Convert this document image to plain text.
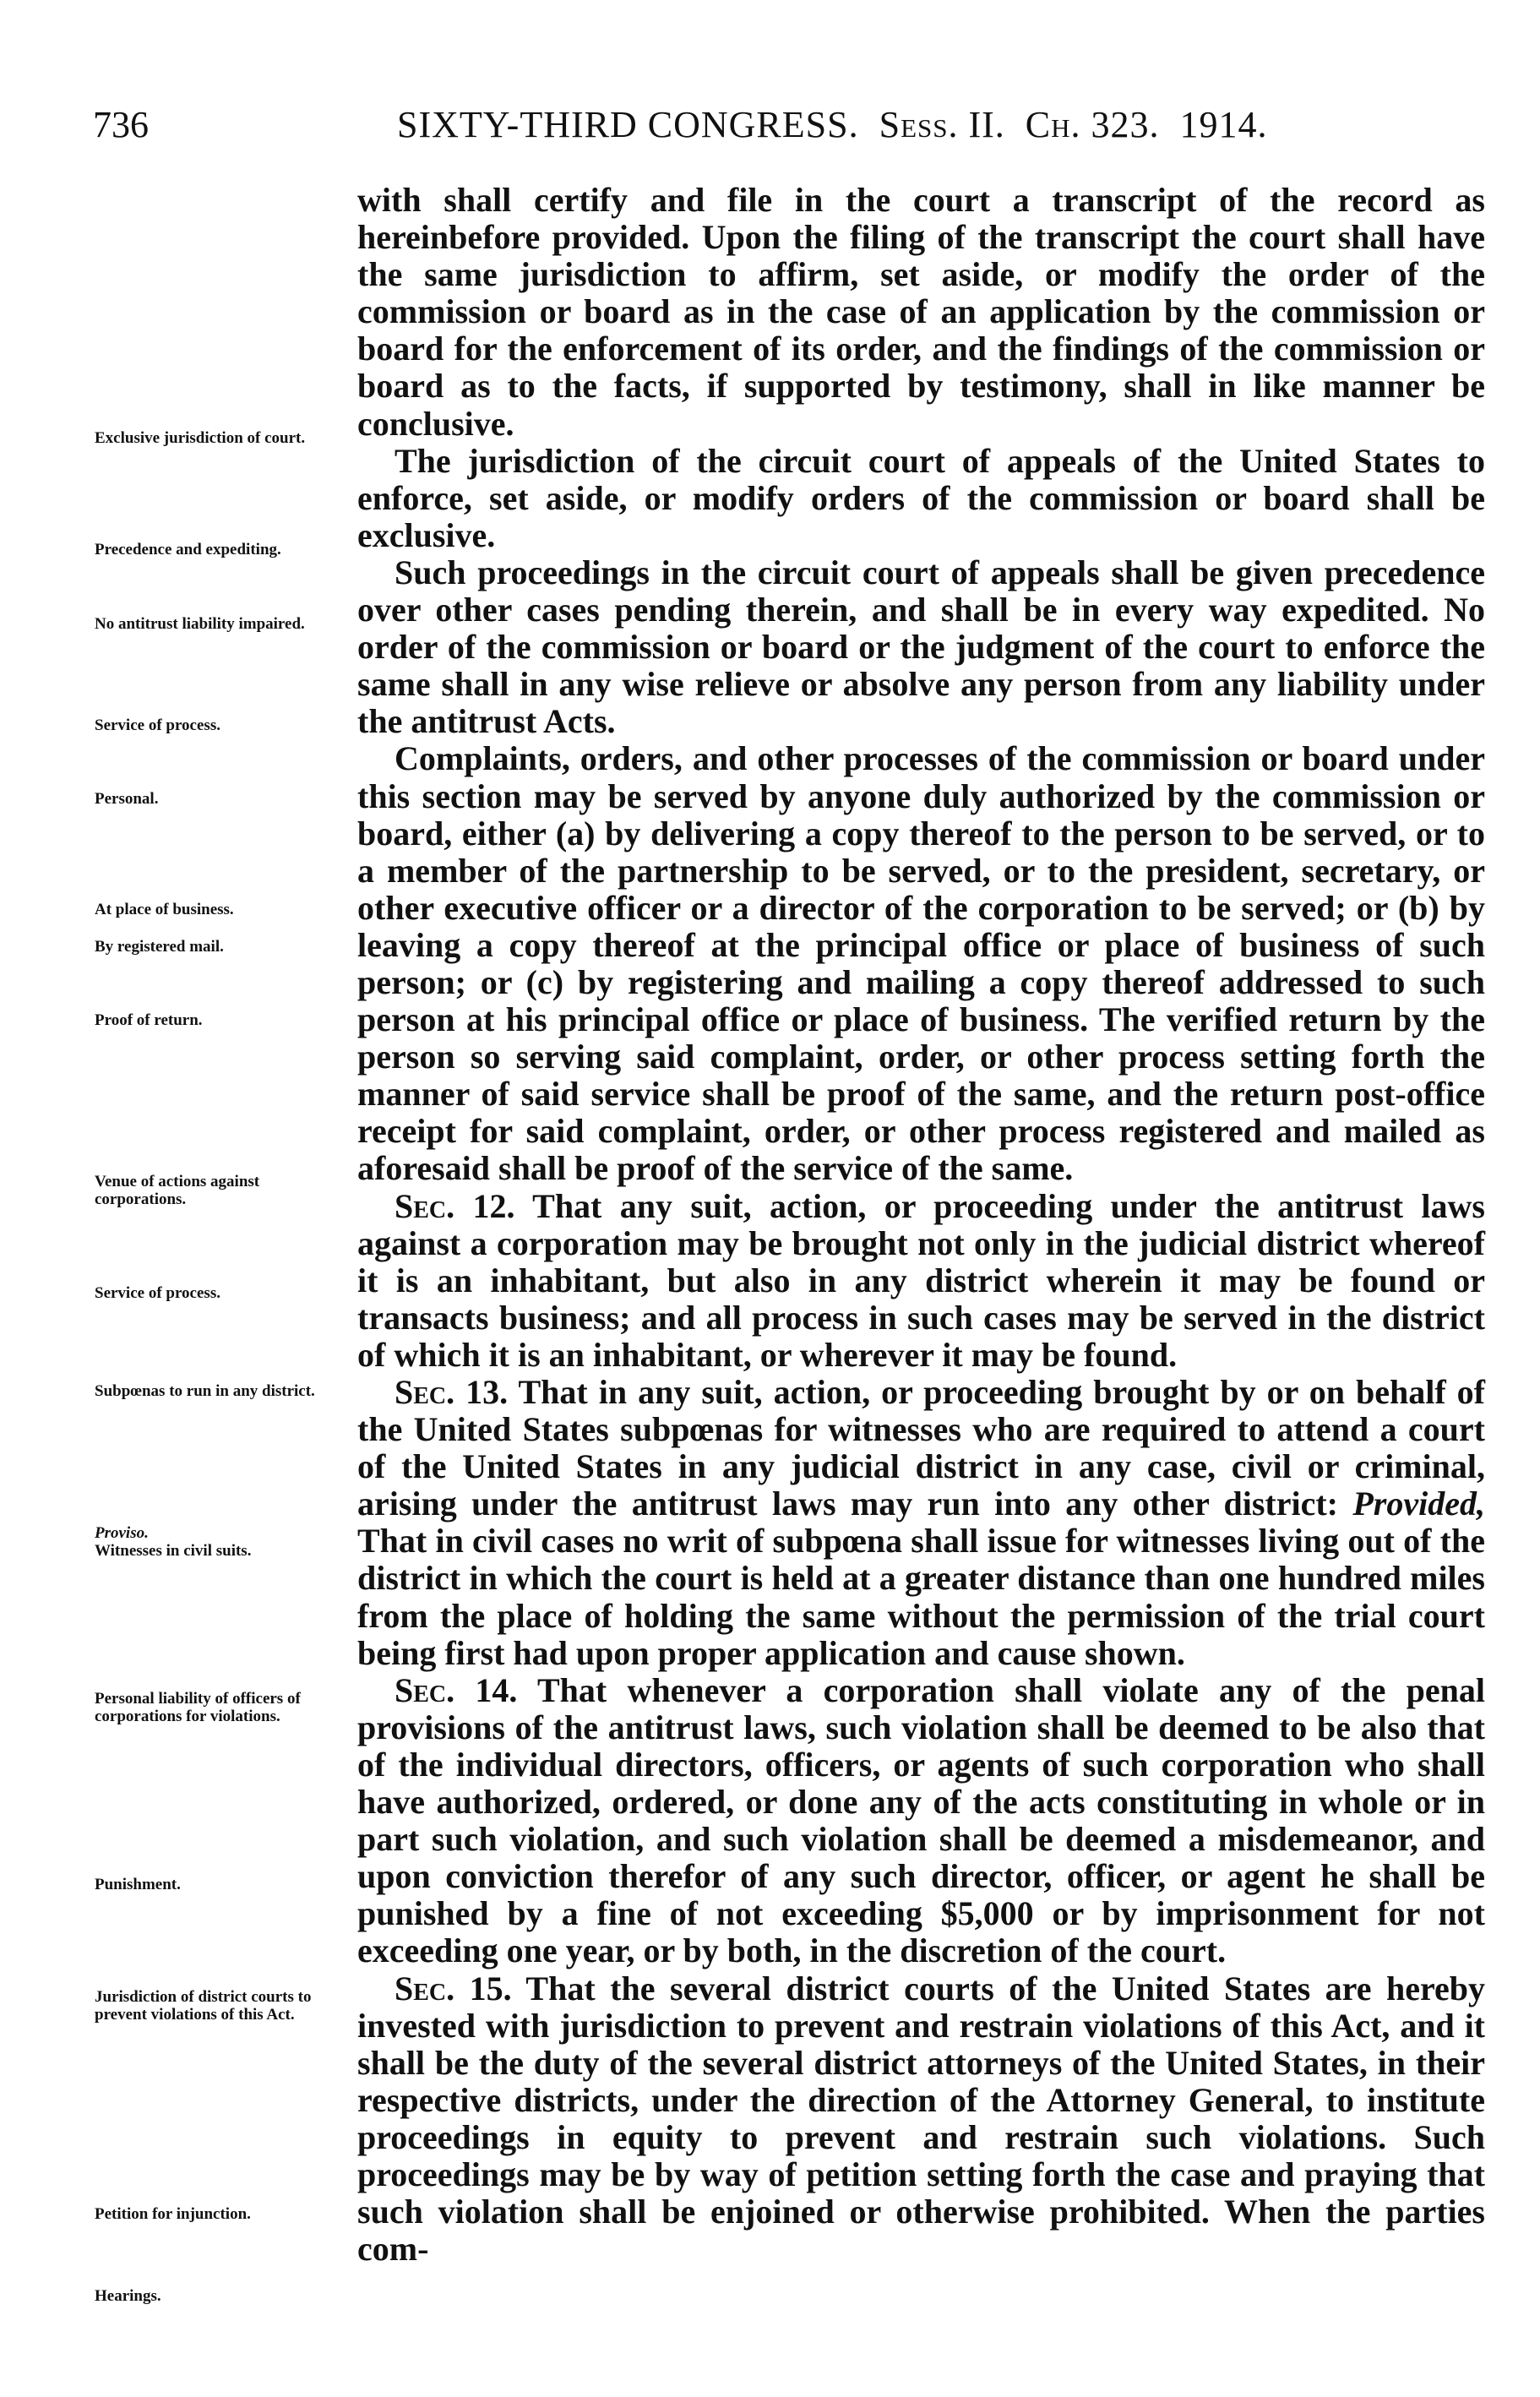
736	SIXTY-THIRD CONGRESS. Sess. II. Ch. 323. 1914.

with shall certify and file in the court a transcript of the record as hereinbefore provided. Upon the filing of the transcript the court shall have the same jurisdiction to affirm, set aside, or modify the order of the commission or board as in the case of an application by the commission or board for the enforcement of its order, and the findings of the commission or board as to the facts, if supported by testimony, shall in like manner be conclusive.

The jurisdiction of the circuit court of appeals of the United States to enforce, set aside, or modify orders of the commission or board shall be exclusive.

Such proceedings in the circuit court of appeals shall be given precedence over other cases pending therein, and shall be in every way expedited. No order of the commission or board or the judgment of the court to enforce the same shall in any wise relieve or absolve any person from any liability under the antitrust Acts.

Complaints, orders, and other processes of the commission or board under this section may be served by anyone duly authorized by the commission or board, either (a) by delivering a copy thereof to the person to be served, or to a member of the partnership to be served, or to the president, secretary, or other executive officer or a director of the corporation to be served; or (b) by leaving a copy thereof at the principal office or place of business of such person; or (c) by registering and mailing a copy thereof addressed to such person at his principal office or place of business. The verified return by the person so serving said complaint, order, or other process setting forth the manner of said service shall be proof of the same, and the return post-office receipt for said complaint, order, or other process registered and mailed as aforesaid shall be proof of the service of the same.

Sec. 12. That any suit, action, or proceeding under the antitrust laws against a corporation may be brought not only in the judicial district whereof it is an inhabitant, but also in any district wherein it may be found or transacts business; and all process in such cases may be served in the district of which it is an inhabitant, or wherever it may be found.

Sec. 13. That in any suit, action, or proceeding brought by or on behalf of the United States subpœnas for witnesses who are required to attend a court of the United States in any judicial district in any case, civil or criminal, arising under the antitrust laws may run into any other district: Provided, That in civil cases no writ of subpœna shall issue for witnesses living out of the district in which the court is held at a greater distance than one hundred miles from the place of holding the same without the permission of the trial court being first had upon proper application and cause shown.

Sec. 14. That whenever a corporation shall violate any of the penal provisions of the antitrust laws, such violation shall be deemed to be also that of the individual directors, officers, or agents of such corporation who shall have authorized, ordered, or done any of the acts constituting in whole or in part such violation, and such violation shall be deemed a misdemeanor, and upon conviction therefor of any such director, officer, or agent he shall be punished by a fine of not exceeding $5,000 or by imprisonment for not exceeding one year, or by both, in the discretion of the court.

Sec. 15. That the several district courts of the United States are hereby invested with jurisdiction to prevent and restrain violations of this Act, and it shall be the duty of the several district attorneys of the United States, in their respective districts, under the direction of the Attorney General, to institute proceedings in equity to prevent and restrain such violations. Such proceedings may be by way of petition setting forth the case and praying that such violation shall be enjoined or otherwise prohibited. When the parties com-

Exclusive jurisdiction of court.
Precedence and expediting.
No antitrust liability impaired.
Service of process.
Personal.
At place of business.
By registered mail.
Proof of return.
Venue of actions against corporations.
Service of process.
Subpœnas to run in any district.
Proviso.
Witnesses in civil suits.
Personal liability of officers of corporations for violations.
Punishment.
Jurisdiction of district courts to prevent violations of this Act.
Petition for injunction.
Hearings.
